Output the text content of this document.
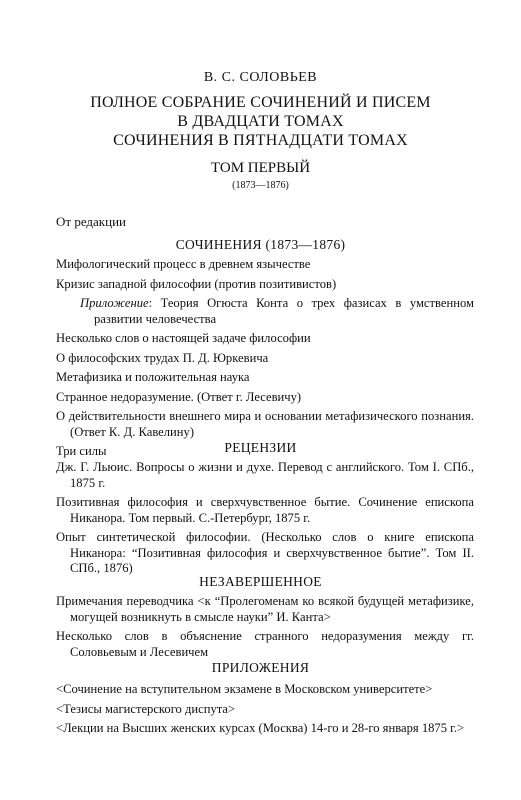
В. С. СОЛОВЬЕВ
ПОЛНОЕ СОБРАНИЕ СОЧИНЕНИЙ И ПИСЕМ
В ДВАДЦАТИ ТОМАХ
СОЧИНЕНИЯ В ПЯТНАДЦАТИ ТОМАХ
ТОМ ПЕРВЫЙ
(1873—1876)
От редакции
СОЧИНЕНИЯ (1873—1876)
Мифологический процесс в древнем язычестве
Кризис западной философии (против позитивистов)
Приложение: Теория Огюста Конта о трех фазисах в умственном развитии человечества
Несколько слов о настоящей задаче философии
О философских трудах П. Д. Юркевича
Метафизика и положительная наука
Странное недоразумение. (Ответ г. Лесевичу)
О действительности внешнего мира и основании метафизического познания. (Ответ К. Д. Кавелину)
Три силы	РЕЦЕНЗИИ
Дж. Г. Льюис. Вопросы о жизни и духе. Перевод с английского. Том I. СПб., 1875 г.
Позитивная философия и сверхчувственное бытие. Сочинение епископа Никанора. Том первый. С.-Петербург, 1875 г.
Опыт синтетической философии. (Несколько слов о книге епископа Никанора: “Позитивная философия и сверхчувственное бытие”. Том II. СПб., 1876)
НЕЗАВЕРШЕННОЕ
Примечания переводчика <к “Пролегоменам ко всякой будущей метафизике, могущей возникнуть в смысле науки” И. Канта>
Несколько слов в объяснение странного недоразумения между гг. Соловьевым и Лесевичем
ПРИЛОЖЕНИЯ
<Сочинение на вступительном экзамене в Московском университете>
<Тезисы магистерского диспута>
<Лекции на Высших женских курсах (Москва) 14-го и 28-го января 1875 г.>
